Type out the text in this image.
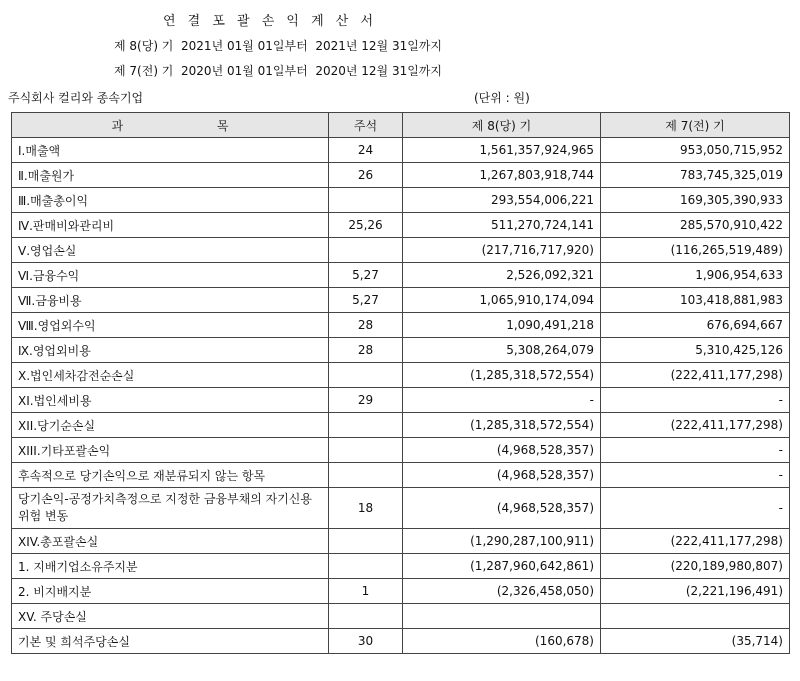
연 결 포 괄 손 익 계 산 서
제 8(당) 기  2021년 01월 01일부터  2021년 12월 31일까지
제 7(전) 기  2020년 01월 01일부터  2020년 12월 31일까지
주식회사 컬리와 종속기업	(단위 : 원)
과 목	주석	제 8(당) 기	제 7(전) 기
Ⅰ.매출액	24	1,561,357,924,965	953,050,715,952
Ⅱ.매출원가	26	1,267,803,918,744	783,745,325,019
Ⅲ.매출총이익		293,554,006,221	169,305,390,933
Ⅳ.판매비와관리비	25,26	511,270,724,141	285,570,910,422
Ⅴ.영업손실		(217,716,717,920)	(116,265,519,489)
Ⅵ.금융수익	5,27	2,526,092,321	1,906,954,633
Ⅶ.금융비용	5,27	1,065,910,174,094	103,418,881,983
Ⅷ.영업외수익	28	1,090,491,218	676,694,667
Ⅸ.영업외비용	28	5,308,264,079	5,310,425,126
Ⅹ.법인세차감전순손실		(1,285,318,572,554)	(222,411,177,298)
XI.법인세비용	29	-	-
XII.당기순손실		(1,285,318,572,554)	(222,411,177,298)
XIII.기타포괄손익		(4,968,528,357)	-
후속적으로 당기손익으로 재분류되지 않는 항목		(4,968,528,357)	-
당기손익-공정가치측정으로 지정한 금융부채의 자기신용위험 변동	18	(4,968,528,357)	-
XIV.총포괄손실		(1,290,287,100,911)	(222,411,177,298)
1. 지배기업소유주지분		(1,287,960,642,861)	(220,189,980,807)
2. 비지배지분	1	(2,326,458,050)	(2,221,196,491)
XV. 주당손실			
기본 및 희석주당손실	30	(160,678)	(35,714)
